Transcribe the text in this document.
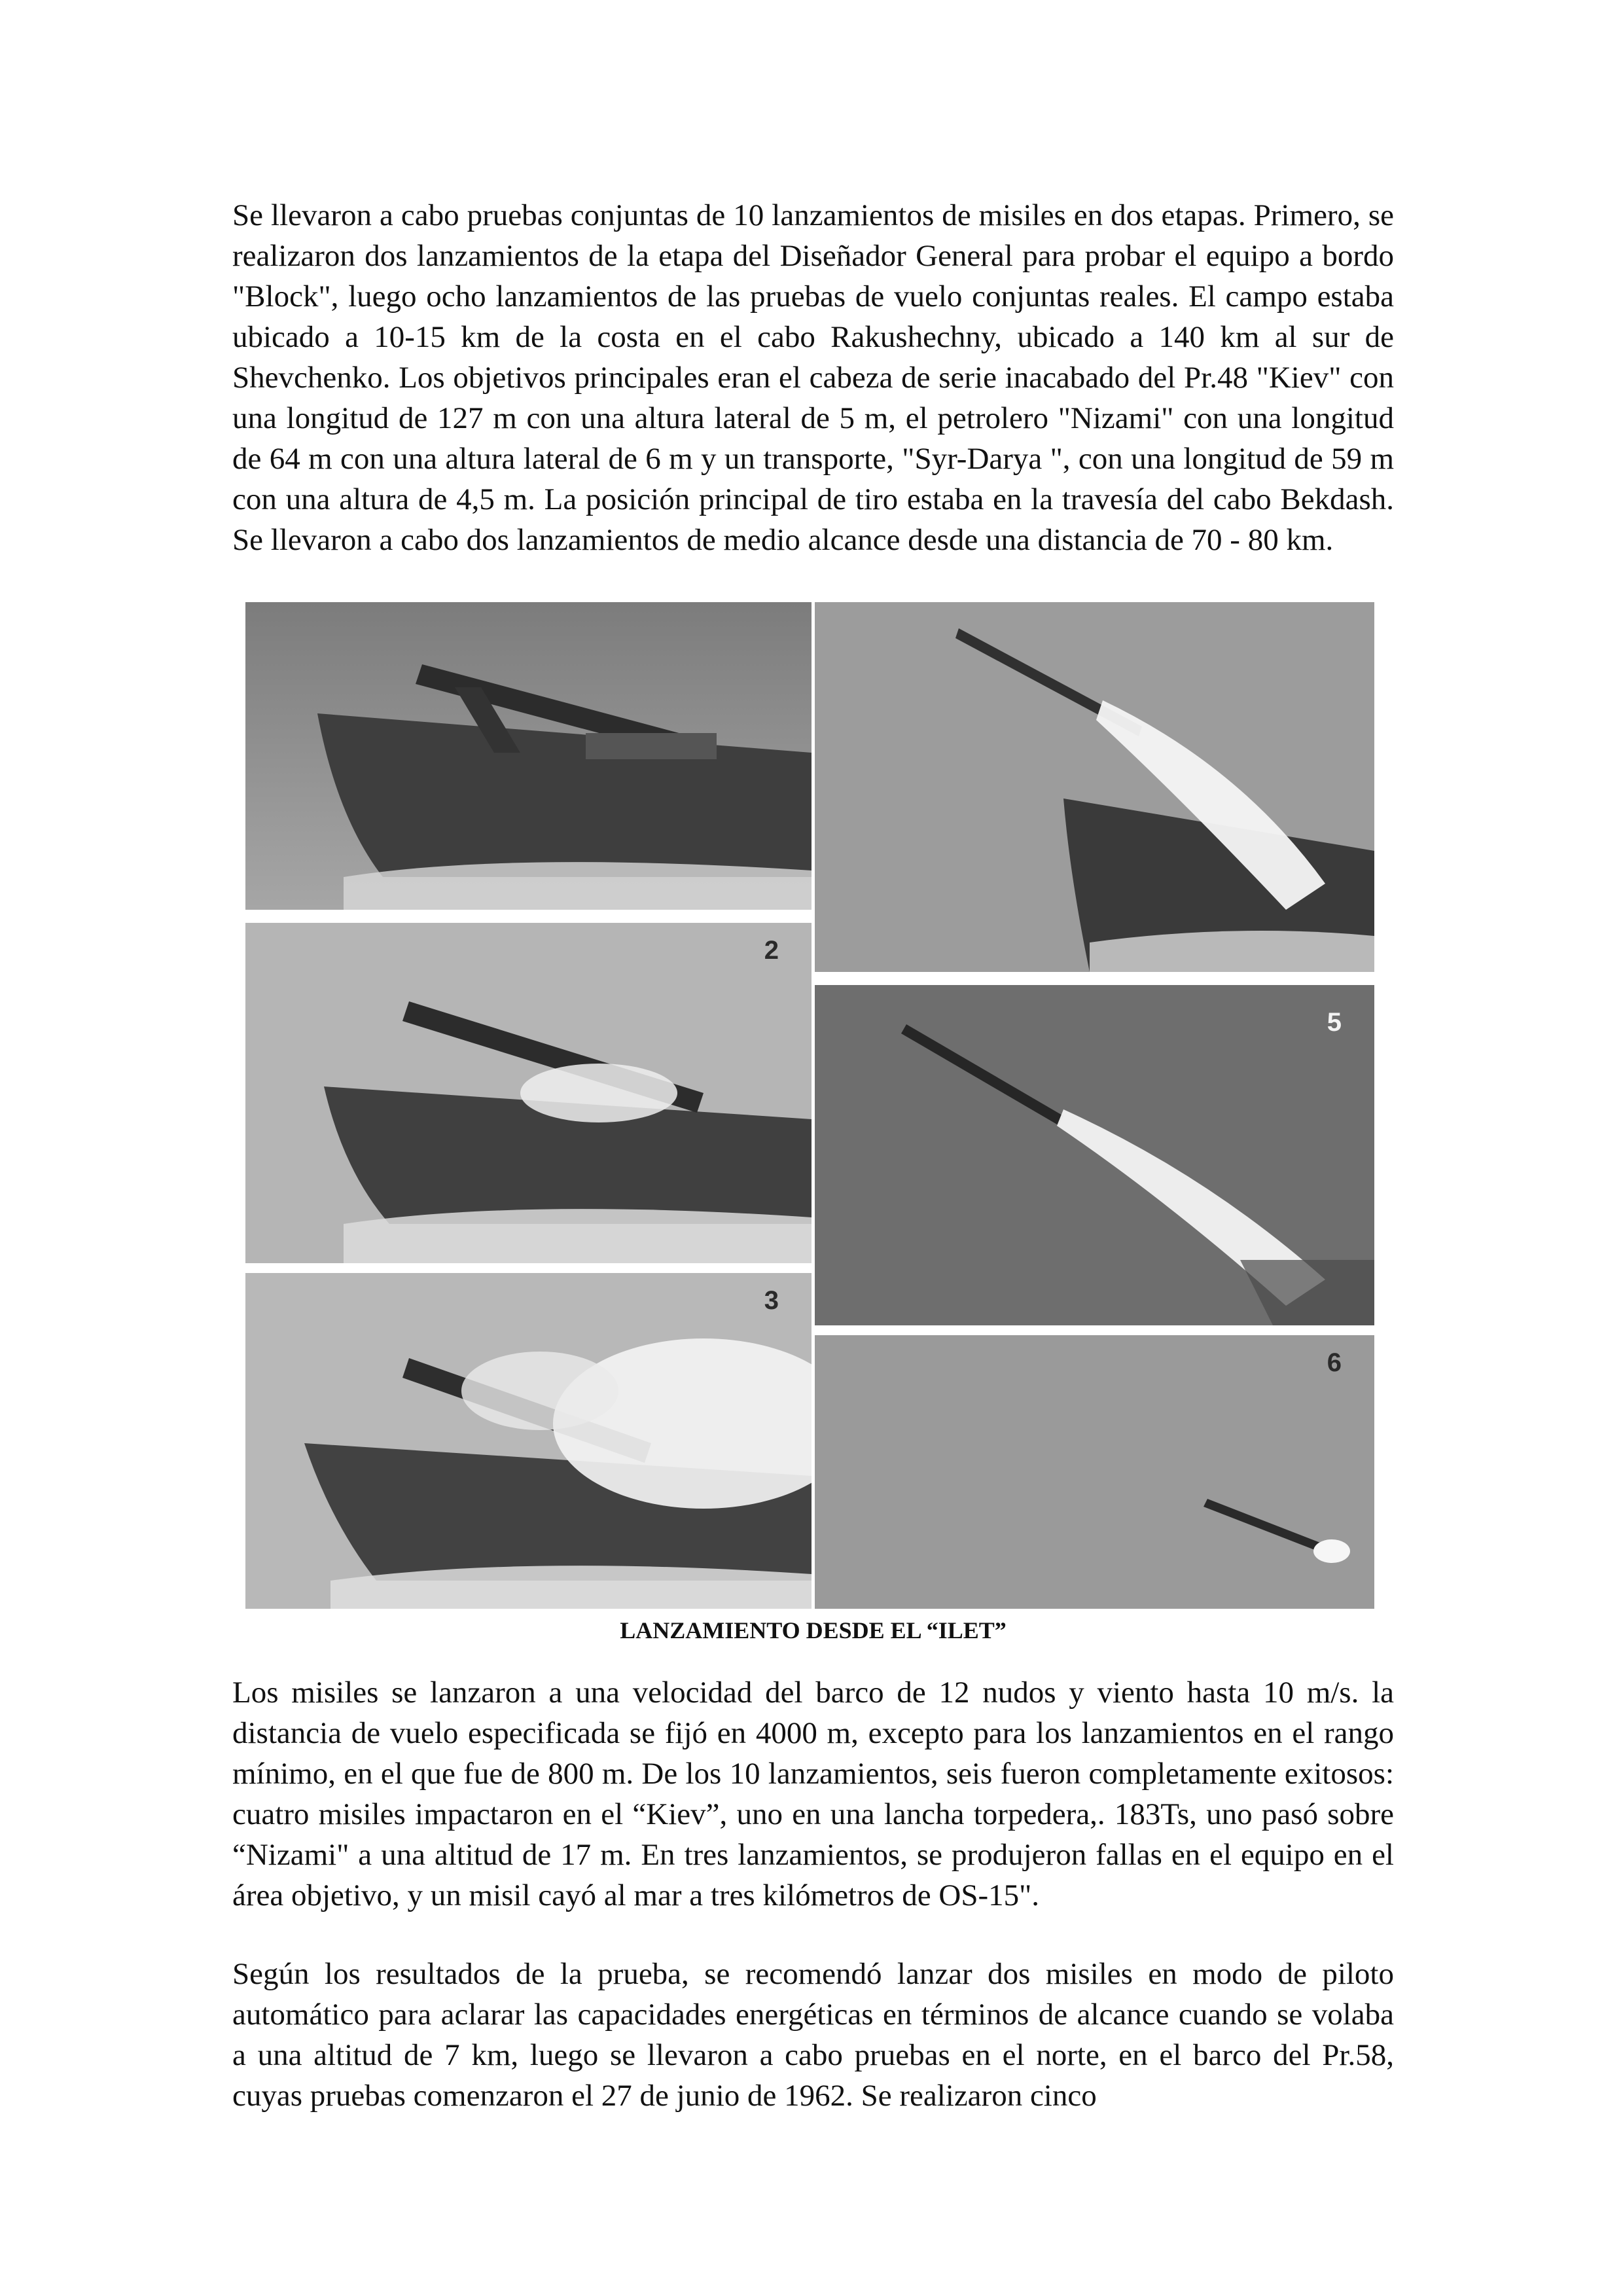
Se llevaron a cabo pruebas conjuntas de 10 lanzamientos de misiles en dos etapas. Primero, se realizaron dos lanzamientos de la etapa del Diseñador General para probar el equipo a bordo "Block", luego ocho lanzamientos de las pruebas de vuelo conjuntas reales. El campo estaba ubicado a 10-15 km de la costa en el cabo Rakushechny, ubicado a 140 km al sur de Shevchenko. Los objetivos principales eran el cabeza de serie inacabado del Pr.48 "Kiev" con una longitud de 127 m con una altura lateral de 5 m, el petrolero "Nizami" con una longitud de 64 m con una altura lateral de 6 m y un transporte, "Syr-Darya ", con una longitud de 59 m con una altura de 4,5 m. La posición principal de tiro estaba en la travesía del cabo Bekdash. Se llevaron a cabo dos lanzamientos de medio alcance desde una distancia de 70 - 80 km.

2
3
5
6
LANZAMIENTO DESDE EL “ILET”

Los misiles se lanzaron a una velocidad del barco de 12 nudos y viento hasta 10 m/s. la distancia de vuelo especificada se fijó en 4000 m, excepto para los lanzamientos en el rango mínimo, en el que fue de 800 m. De los 10 lanzamientos, seis fueron completamente exitosos: cuatro misiles impactaron en el “Kiev”, uno en una lancha torpedera,. 183Ts, uno pasó sobre “Nizami" a una altitud de 17 m. En tres lanzamientos, se produjeron fallas en el equipo en el área objetivo, y un misil cayó al mar a tres kilómetros de OS-15".

Según los resultados de la prueba, se recomendó lanzar dos misiles en modo de piloto automático para aclarar las capacidades energéticas en términos de alcance cuando se volaba a una altitud de 7 km, luego se llevaron a cabo pruebas en el norte, en el barco del Pr.58, cuyas pruebas comenzaron el 27 de junio de 1962. Se realizaron cinco
